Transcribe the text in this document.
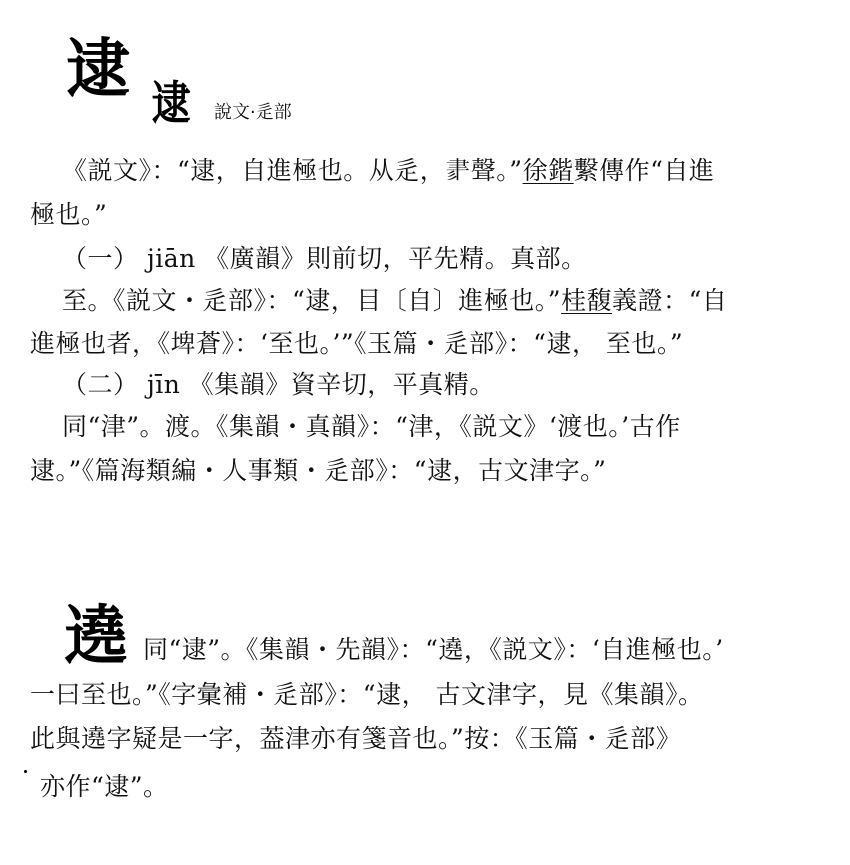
逮 逮 說文·辵部
《説文》：“逮，自進極也。从辵，𦘔聲。”徐鍇繫傳作“自進
極也。”
（一） jiān 《廣韻》則前切，平先精。真部。
至。《説文・辵部》：“逮，目〔自〕進極也。”桂馥義證：“自
進極也者，《埤蒼》：‘至也。’”《玉篇・辵部》：“逮， 至也。”
（二） jīn 《集韻》資辛切，平真精。
同“津”。渡。《集韻・真韻》：“津，《説文》‘渡也。’古作
逮。”《篇海類編・人事類・辵部》：“逮，古文津字。”
遶 同“逮”。《集韻・先韻》：“遶，《説文》：‘自進極也。’
一曰至也。”《字彙補・辵部》：“逮， 古文津字，見《集韻》。
此與遶字疑是一字，葢津亦有箋音也。”按：《玉篇・辵部》
亦作“逮”。
